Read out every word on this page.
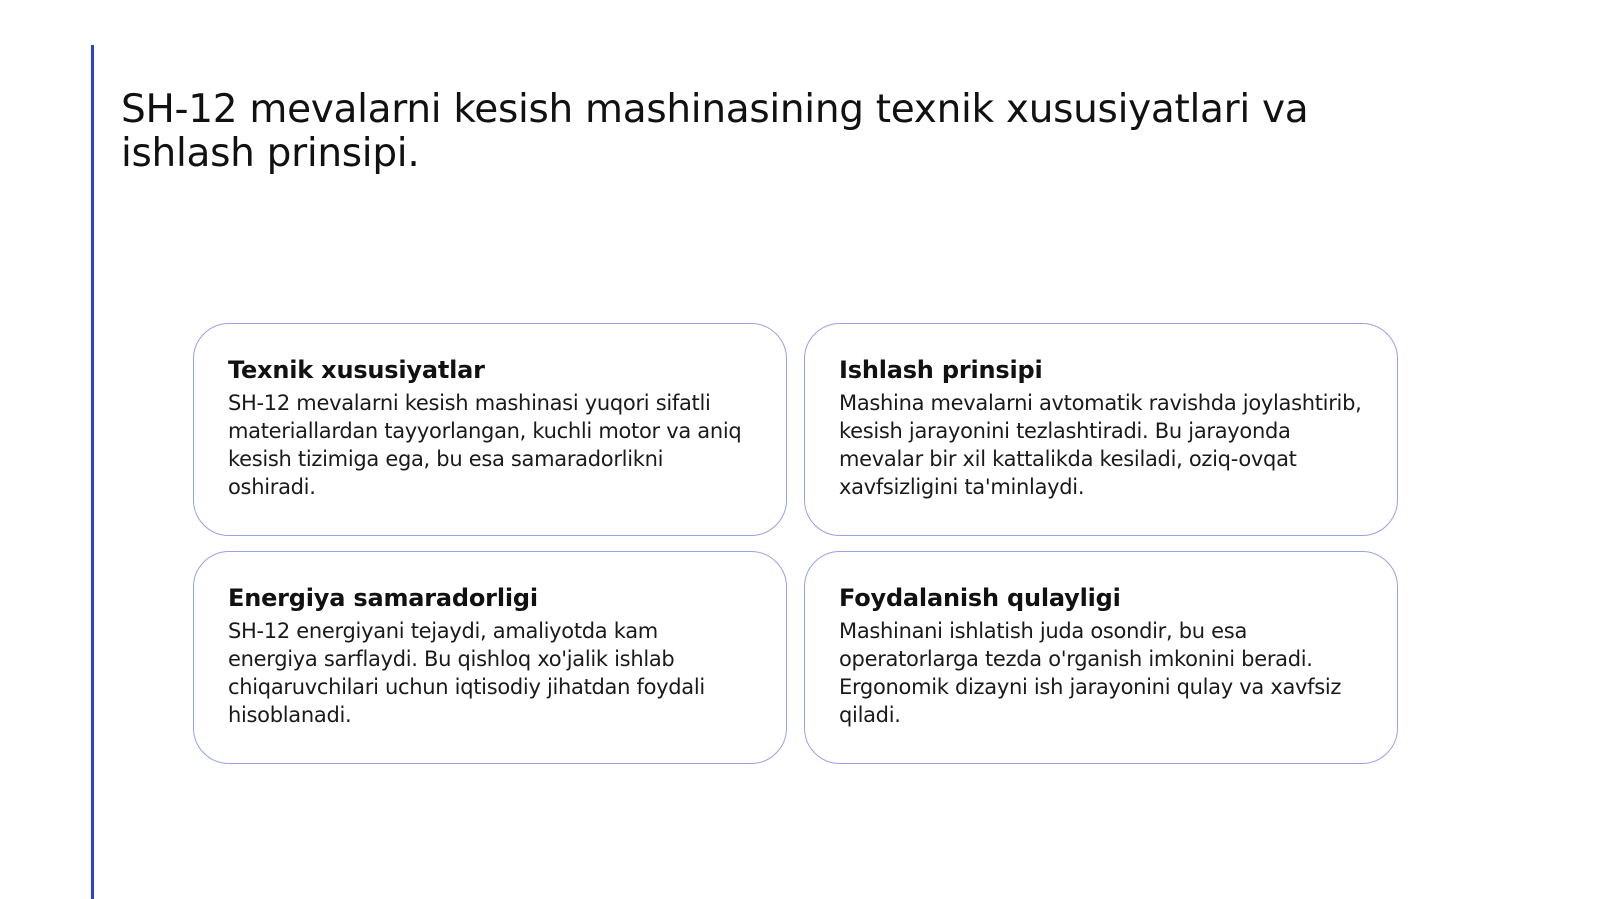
SH-12 mevalarni kesish mashinasining texnik xususiyatlari va ishlash prinsipi.
Texnik xususiyatlar

SH-12 mevalarni kesish mashinasi yuqori sifatli materiallardan tayyorlangan, kuchli motor va aniq kesish tizimiga ega, bu esa samaradorlikni oshiradi.

Ishlash prinsipi

Mashina mevalarni avtomatik ravishda joylashtirib, kesish jarayonini tezlashtiradi. Bu jarayonda mevalar bir xil kattalikda kesiladi, oziq-ovqat xavfsizligini ta'minlaydi.

Energiya samaradorligi

SH-12 energiyani tejaydi, amaliyotda kam energiya sarflaydi. Bu qishloq xo'jalik ishlab chiqaruvchilari uchun iqtisodiy jihatdan foydali hisoblanadi.

Foydalanish qulayligi

Mashinani ishlatish juda osondir, bu esa operatorlarga tezda o'rganish imkonini beradi. Ergonomik dizayni ish jarayonini qulay va xavfsiz qiladi.
